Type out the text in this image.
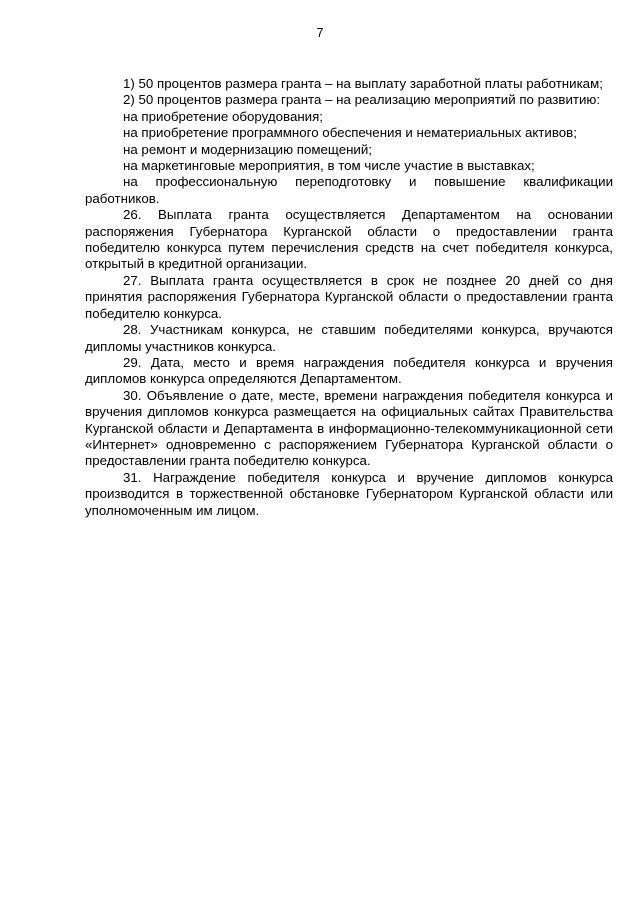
7

1) 50 процентов размера гранта – на выплату заработной платы работникам;

2) 50 процентов размера гранта – на реализацию мероприятий по развитию:

на приобретение оборудования;

на приобретение программного обеспечения и нематериальных активов;

на ремонт и модернизацию помещений;

на маркетинговые мероприятия, в том числе участие в выставках;

на профессиональную переподготовку и повышение квалификации работников.

26. Выплата гранта осуществляется Департаментом на основании распоряжения Губернатора Курганской области о предоставлении гранта победителю конкурса путем перечисления средств на счет победителя конкурса, открытый в кредитной организации.

27. Выплата гранта осуществляется в срок не позднее 20 дней со дня принятия распоряжения Губернатора Курганской области о предоставлении гранта победителю конкурса.

28. Участникам конкурса, не ставшим победителями конкурса, вручаются дипломы участников конкурса.

29. Дата, место и время награждения победителя конкурса и вручения дипломов конкурса определяются Департаментом.

30. Объявление о дате, месте, времени награждения победителя конкурса и вручения дипломов конкурса размещается на официальных сайтах Правительства Курганской области и Департамента в информационно-телекоммуникационной сети «Интернет» одновременно с распоряжением Губернатора Курганской области о предоставлении гранта победителю конкурса.

31. Награждение победителя конкурса и вручение дипломов конкурса производится в торжественной обстановке Губернатором Курганской области или уполномоченным им лицом.
